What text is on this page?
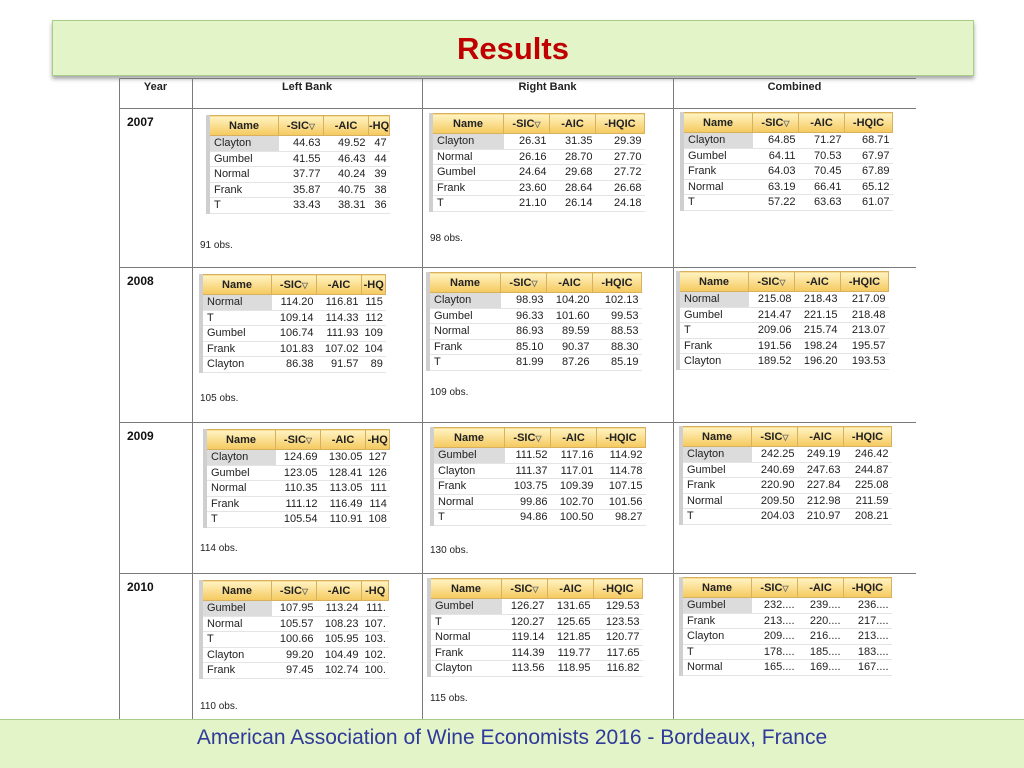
Results
Year	Left Bank	Right Bank	Combined
2007	Name	-SIC▽	-AIC	-HQ
Clayton	44.63	49.52	47
Gumbel	41.55	46.43	44
Normal	37.77	40.24	39
Frank	35.87	40.75	38
T	33.43	38.31	36
91 obs.
Name	-SIC▽	-AIC	-HQIC
Clayton	26.31	31.35	29.39
Normal	26.16	28.70	27.70
Gumbel	24.64	29.68	27.72
Frank	23.60	28.64	26.68
T	21.10	26.14	24.18
98 obs.
Name	-SIC▽	-AIC	-HQIC
Clayton	64.85	71.27	68.71
Gumbel	64.11	70.53	67.97
Frank	64.03	70.45	67.89
Normal	63.19	66.41	65.12
T	57.22	63.63	61.07
2008	Name	-SIC▽	-AIC	-HQ
Normal	114.20	116.81	115
T	109.14	114.33	112
Gumbel	106.74	111.93	109
Frank	101.83	107.02	104
Clayton	86.38	91.57	89
105 obs.
Name	-SIC▽	-AIC	-HQIC
Clayton	98.93	104.20	102.13
Gumbel	96.33	101.60	99.53
Normal	86.93	89.59	88.53
Frank	85.10	90.37	88.30
T	81.99	87.26	85.19
109 obs.
Name	-SIC▽	-AIC	-HQIC
Normal	215.08	218.43	217.09
Gumbel	214.47	221.15	218.48
T	209.06	215.74	213.07
Frank	191.56	198.24	195.57
Clayton	189.52	196.20	193.53
2009	Name	-SIC▽	-AIC	-HQ
Clayton	124.69	130.05	127
Gumbel	123.05	128.41	126
Normal	110.35	113.05	111
Frank	111.12	116.49	114
T	105.54	110.91	108
114 obs.
Name	-SIC▽	-AIC	-HQIC
Gumbel	111.52	117.16	114.92
Clayton	111.37	117.01	114.78
Frank	103.75	109.39	107.15
Normal	99.86	102.70	101.56
T	94.86	100.50	98.27
130 obs.
Name	-SIC▽	-AIC	-HQIC
Clayton	242.25	249.19	246.42
Gumbel	240.69	247.63	244.87
Frank	220.90	227.84	225.08
Normal	209.50	212.98	211.59
T	204.03	210.97	208.21
2010	Name	-SIC▽	-AIC	-HQ
Gumbel	107.95	113.24	111.
Normal	105.57	108.23	107.
T	100.66	105.95	103.
Clayton	99.20	104.49	102.
Frank	97.45	102.74	100.
110 obs.
Name	-SIC▽	-AIC	-HQIC
Gumbel	126.27	131.65	129.53
T	120.27	125.65	123.53
Normal	119.14	121.85	120.77
Frank	114.39	119.77	117.65
Clayton	113.56	118.95	116.82
115 obs.
Name	-SIC▽	-AIC	-HQIC
Gumbel	232....	239....	236....
Frank	213....	220....	217....
Clayton	209....	216....	213....
T	178....	185....	183....
Normal	165....	169....	167....
American Association of Wine Economists 2016 - Bordeaux, France
